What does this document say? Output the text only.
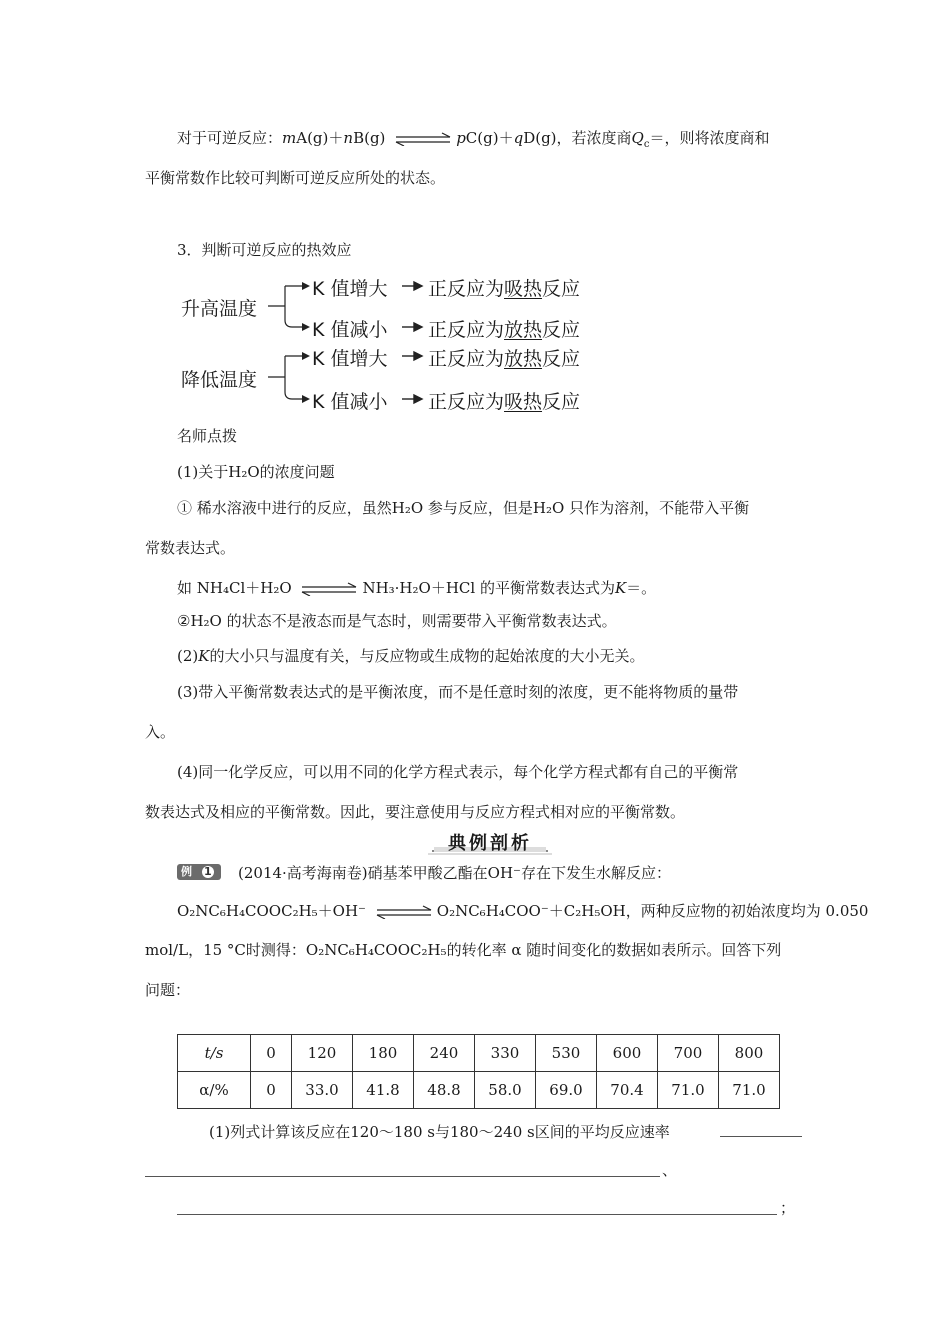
对于可逆反应：mA(g)＋nB(g) ⇌ pC(g)＋qD(g)，若浓度商$Q_c=$，则将浓度商和
平衡常数作比较可判断可逆反应所处的状态。
3．判断可逆反应的热效应
升高温度
K 值增大 正反应为吸热反应
K 值减小 正反应为放热反应
降低温度
K 值增大 正反应为放热反应
K 值减小 正反应为吸热反应
名师点拨
(1)关于H₂O的浓度问题
① 稀水溶液中进行的反应，虽然H₂O 参与反应，但是H₂O 只作为溶剂，不能带入平衡
常数表达式。
如 NH₄Cl＋H₂O ⇌ NH₃·H₂O＋HCl 的平衡常数表达式为K＝。
②H₂O 的状态不是液态而是气态时，则需要带入平衡常数表达式。
(2)K的大小只与温度有关，与反应物或生成物的起始浓度的大小无关。
(3)带入平衡常数表达式的是平衡浓度，而不是任意时刻的浓度，更不能将物质的量带
入。
(4)同一化学反应，可以用不同的化学方程式表示，每个化学方程式都有自己的平衡常
数表达式及相应的平衡常数。因此，要注意使用与反应方程式相对应的平衡常数。
典例剖析
例 1 (2014·高考海南卷)硝基苯甲酸乙酯在OH⁻存在下发生水解反应：
O₂NC₆H₄COOC₂H₅＋OH⁻ ⇌ O₂NC₆H₄COO⁻＋C₂H₅OH，两种反应物的初始浓度均为 0.050
mol/L，15 °C时测得：O₂NC₆H₄COOC₂H₅的转化率 α 随时间变化的数据如表所示。回答下列
问题：
t/s	0	120	180	240	330	530	600	700	800
α/%	0	33.0	41.8	48.8	58.0	69.0	70.4	71.0	71.0
(1)列式计算该反应在120～180 s与180～240 s区间的平均反应速率
、
；
